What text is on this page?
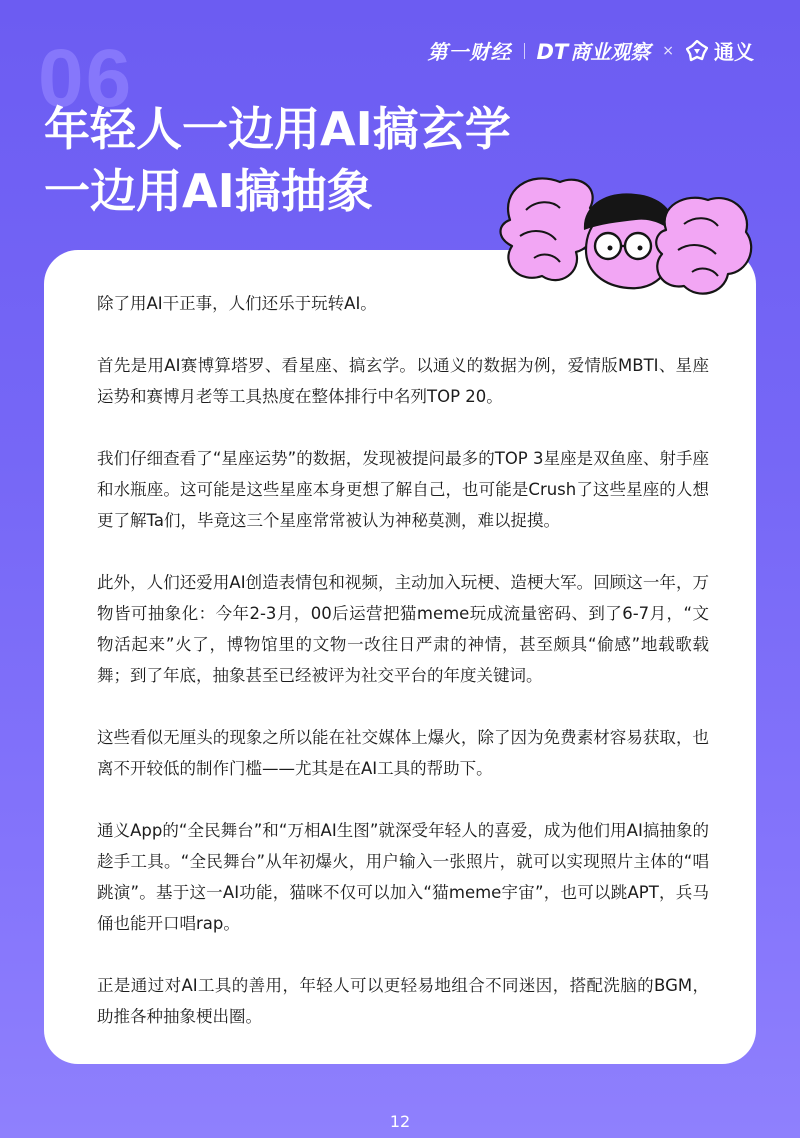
第一财经 DT 商业观察 × 通义
06
年轻人一边用AI搞玄学
一边用AI搞抽象

除了用AI干正事，人们还乐于玩转AI。

首先是用AI赛博算塔罗、看星座、搞玄学。以通义的数据为例，爱情版MBTI、星座运势和赛博月老等工具热度在整体排行中名列TOP 20。

我们仔细查看了“星座运势”的数据，发现被提问最多的TOP 3星座是双鱼座、射手座和水瓶座。这可能是这些星座本身更想了解自己，也可能是Crush了这些星座的人想更了解Ta们，毕竟这三个星座常常被认为神秘莫测，难以捉摸。

此外，人们还爱用AI创造表情包和视频，主动加入玩梗、造梗大军。回顾这一年，万物皆可抽象化：今年2-3月，00后运营把猫meme玩成流量密码、到了6-7月，“文物活起来”火了，博物馆里的文物一改往日严肃的神情，甚至颇具“偷感”地载歌载舞；到了年底，抽象甚至已经被评为社交平台的年度关键词。

这些看似无厘头的现象之所以能在社交媒体上爆火，除了因为免费素材容易获取，也离不开较低的制作门槛——尤其是在AI工具的帮助下。

通义App的“全民舞台”和“万相AI生图”就深受年轻人的喜爱，成为他们用AI搞抽象的趁手工具。“全民舞台”从年初爆火，用户输入一张照片，就可以实现照片主体的“唱跳演”。基于这一AI功能，猫咪不仅可以加入“猫meme宇宙”，也可以跳APT，兵马俑也能开口唱rap。

正是通过对AI工具的善用，年轻人可以更轻易地组合不同迷因，搭配洗脑的BGM，助推各种抽象梗出圈。

12
